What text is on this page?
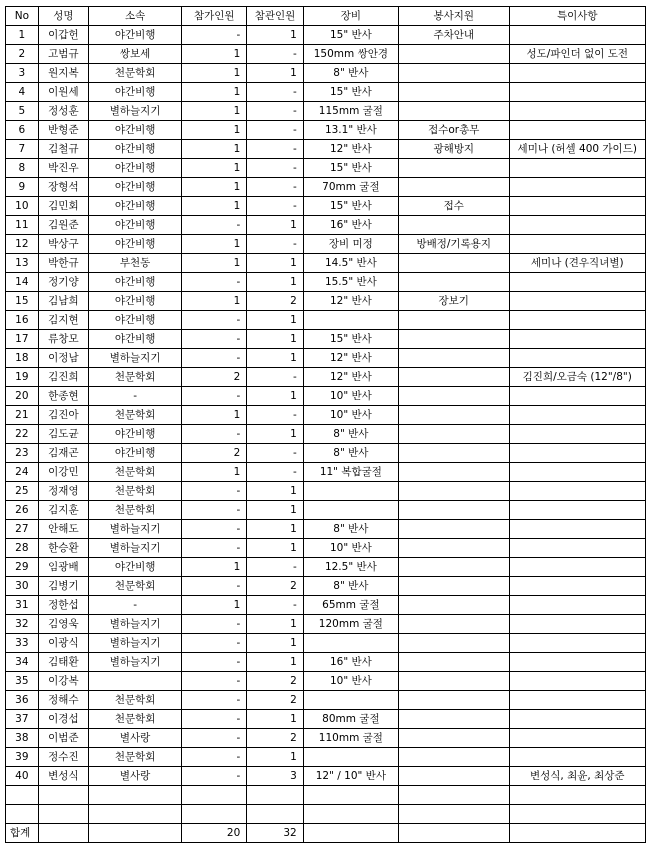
No	성명	소속	참가인원	참관인원	장비	봉사지원	특이사항
1	이갑헌	야간비행	-	1	15" 반사	주차안내	
2	고범규	쌍보세	1	-	150mm 쌍안경		성도/파인더 없이 도전
3	원지복	천문학회	1	1	8" 반사		
4	이원세	야간비행	1	-	15" 반사		
5	정성훈	별하늘지기	1	-	115mm 굴절		
6	반형준	야간비행	1	-	13.1" 반사	접수or총무	
7	김철규	야간비행	1	-	12" 반사	광해방지	세미나 (허셀 400 가이드)
8	박진우	야간비행	1	-	15" 반사		
9	장형석	야간비행	1	-	70mm 굴절		
10	김민회	야간비행	1	-	15" 반사	접수	
11	김원준	야간비행	-	1	16" 반사		
12	박상구	야간비행	1	-	장비 미정	방배정/기록용지	
13	박한규	부천동	1	1	14.5" 반사		세미나 (견우직녀별)
14	정기양	야간비행	-	1	15.5" 반사		
15	김남희	야간비행	1	2	12" 반사	장보기	
16	김지현	야간비행	-	1			
17	류창모	야간비행	-	1	15" 반사		
18	이정남	별하늘지기	-	1	12" 반사		
19	김진희	천문학회	2	-	12" 반사		김진희/오금숙 (12"/8")
20	한종현	-	-	1	10" 반사		
21	김진아	천문학회	1	-	10" 반사		
22	김도균	야간비행	-	1	8" 반사		
23	김재곤	야간비행	2	-	8" 반사		
24	이강민	천문학회	1	-	11" 복합굴절		
25	정재영	천문학회	-	1			
26	김지훈	천문학회	-	1			
27	안해도	별하늘지기	-	1	8" 반사		
28	한승환	별하늘지기	-	1	10" 반사		
29	임광배	야간비행	1	-	12.5" 반사		
30	김병기	천문학회	-	2	8" 반사		
31	정한섭	-	1	-	65mm 굴절		
32	김영욱	별하늘지기	-	1	120mm 굴절		
33	이광식	별하늘지기	-	1			
34	김태환	별하늘지기	-	1	16" 반사		
35	이강복		-	2	10" 반사		
36	정해수	천문학회	-	2			
37	이경섭	천문학회	-	1	80mm 굴절		
38	이범준	별사랑	-	2	110mm 굴절		
39	정수진	천문학회	-	1			
40	변성식	별사랑	-	3	12" / 10" 반사		변성식, 최윤, 최상준

합계			20	32			
